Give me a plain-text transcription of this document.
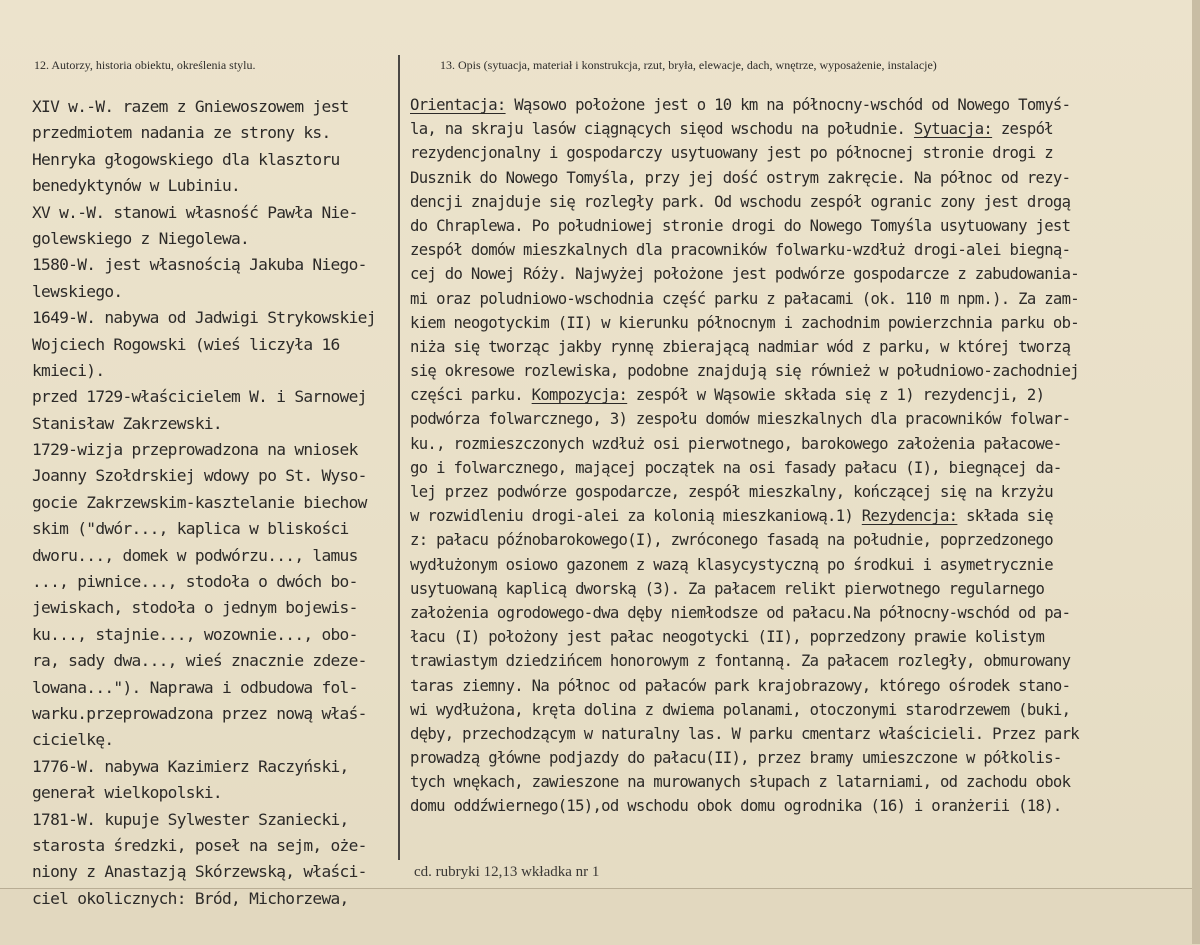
12. Autorzy, historia obiektu, określenia stylu.	13. Opis (sytuacja, materiał i konstrukcja, rzut, bryła, elewacje, dach, wnętrze, wyposażenie, instalacje)
XIV w.-W. razem z Gniewoszowem jest
przedmiotem nadania ze strony ks.
Henryka głogowskiego dla klasztoru
benedyktynów w Lubiniu.
XV w.-W. stanowi własność Pawła Nie-
golewskiego z Niegolewa.
1580-W. jest własnością Jakuba Niego-
lewskiego.
1649-W. nabywa od Jadwigi Strykowskiej
Wojciech Rogowski (wieś liczyła 16
kmieci).
przed 1729-właścicielem W. i Sarnowej
Stanisław Zakrzewski.
1729-wizja przeprowadzona na wniosek
Joanny Szołdrskiej wdowy po St. Wyso-
gocie Zakrzewskim-kasztelanie biechow
skim ("dwór..., kaplica w bliskości
dworu..., domek w podwórzu..., lamus
..., piwnice..., stodoła o dwóch bo-
jewiskach, stodoła o jednym bojewis-
ku..., stajnie..., wozownie..., obo-
ra, sady dwa..., wieś znacznie zdeze-
lowana..."). Naprawa i odbudowa fol-
warku.przeprowadzona przez nową właś-
cicielkę.
1776-W. nabywa Kazimierz Raczyński,
generał wielkopolski.
1781-W. kupuje Sylwester Szaniecki,
starosta średzki, poseł na sejm, oże-
niony z Anastazją Skórzewską, właści-
ciel okolicznych: Bród, Michorzewa,
Orientacja: Wąsowo położone jest o 10 km na północny-wschód od Nowego Tomyś-
la, na skraju lasów ciągnących sięod wschodu na południe. Sytuacja: zespół
rezydencjonalny i gospodarczy usytuowany jest po północnej stronie drogi z
Dusznik do Nowego Tomyśla, przy jej dość ostrym zakręcie. Na północ od rezy-
dencji znajduje się rozległy park. Od wschodu zespół ogranic zony jest drogą
do Chraplewa. Po południowej stronie drogi do Nowego Tomyśla usytuowany jest
zespół domów mieszkalnych dla pracowników folwarku-wzdłuż drogi-alei biegną-
cej do Nowej Róży. Najwyżej położone jest podwórze gospodarcze z zabudowania-
mi oraz poludniowo-wschodnia część parku z pałacami (ok. 110 m npm.). Za zam-
kiem neogotyckim (II) w kierunku północnym i zachodnim powierzchnia parku ob-
niża się tworząc jakby rynnę zbierającą nadmiar wód z parku, w której tworzą
się okresowe rozlewiska, podobne znajdują się również w południowo-zachodniej
części parku. Kompozycja: zespół w Wąsowie składa się z 1) rezydencji, 2)
podwórza folwarcznego, 3) zespołu domów mieszkalnych dla pracowników folwar-
ku., rozmieszczonych wzdłuż osi pierwotnego, barokowego założenia pałacowe-
go i folwarcznego, mającej początek na osi fasady pałacu (I), biegnącej da-
lej przez podwórze gospodarcze, zespół mieszkalny, kończącej się na krzyżu
w rozwidleniu drogi-alei za kolonią mieszkaniową.1) Rezydencja: składa się
z: pałacu późnobarokowego(I), zwróconego fasadą na południe, poprzedzonego
wydłużonym osiowo gazonem z wazą klasycystyczną po środkui i asymetrycznie
usytuowaną kaplicą dworską (3). Za pałacem relikt pierwotnego regularnego
założenia ogrodowego-dwa dęby niemłodsze od pałacu.Na północny-wschód od pa-
łacu (I) położony jest pałac neogotycki (II), poprzedzony prawie kolistym
trawiastym dziedzińcem honorowym z fontanną. Za pałacem rozległy, obmurowany
taras ziemny. Na północ od pałaców park krajobrazowy, którego ośrodek stano-
wi wydłużona, kręta dolina z dwiema polanami, otoczonymi starodrzewem (buki,
dęby, przechodzącym w naturalny las. W parku cmentarz właścicieli. Przez park
prowadzą główne podjazdy do pałacu(II), przez bramy umieszczone w półkolis-
tych wnękach, zawieszone na murowanych słupach z latarniami, od zachodu obok
domu oddźwiernego(15),od wschodu obok domu ogrodnika (16) i oranżerii (18).
cd. rubryki 12,13 wkładka nr 1
